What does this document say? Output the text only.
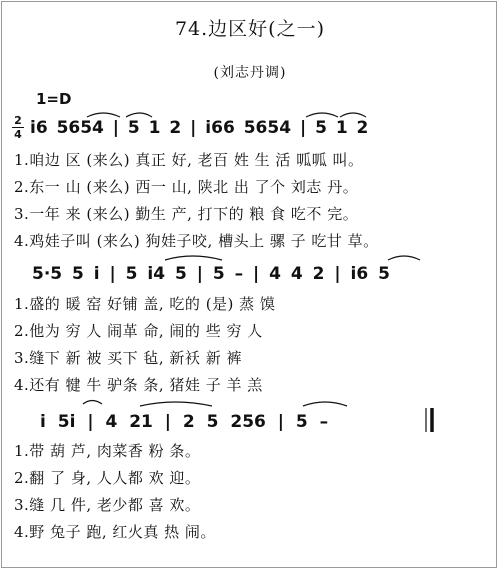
74.边区好(之一)
(刘志丹调)
1=D
2
4 i6 5654 | 5 1 2 | i66 5654 | 5 1 2
1.咱边 区 (来么) 真正 好, 老百 姓 生 活 呱呱 叫。
2.东一 山 (来么) 西一 山, 陕北 出 了个 刘志 丹。
3.一年 来 (来么) 勤生 产, 打下的 粮 食 吃不 完。
4.鸡娃子叫 (来么) 狗娃子咬, 槽头上 骡 子 吃甘 草。
5·5 5 i | 5 i4 5 | 5 – | 4 4 2 | i6 5
1.盛的 暖 窑 好铺 盖, 吃的 (是) 蒸 馍
2.他为 穷 人 闹革 命, 闹的 些 穷 人
3.缝下 新 被 买下 毡, 新袄 新 裤
4.还有 犍 牛 驴条 条, 猪娃 子 羊 羔
i 5i | 4 21 | 2 5 256 | 5 –
1.带 葫 芦, 肉菜香 粉 条。
2.翻 了 身, 人人都 欢 迎。
3.缝 几 件, 老少都 喜 欢。
4.野 兔子 跑, 红火真 热 闹。
